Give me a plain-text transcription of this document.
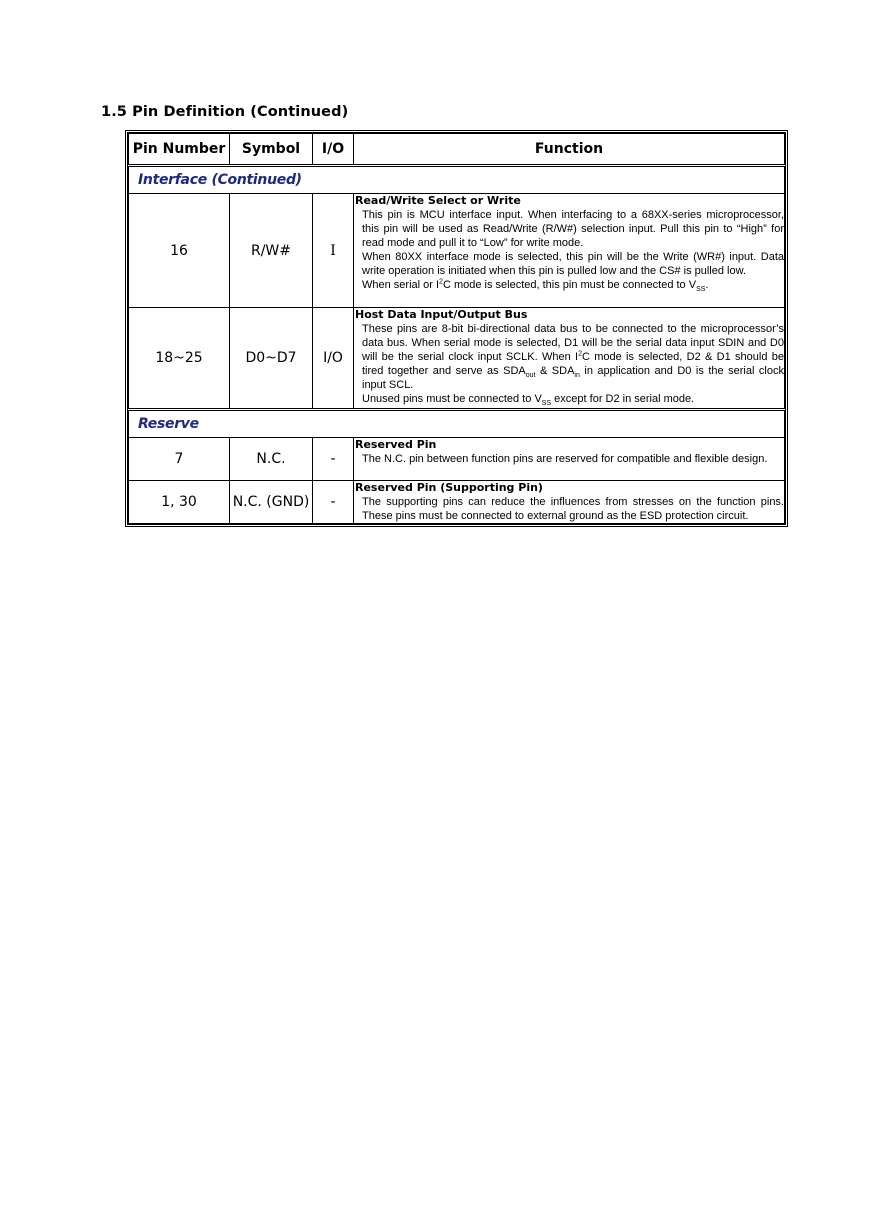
1.5 Pin Definition (Continued)
Pin Number	Symbol	I/O	Function
Interface (Continued)			
16	R/W#	I	Read/Write Select or Write

This pin is MCU interface input. When interfacing to a 68XX-series microprocessor, this pin will be used as Read/Write (R/W#) selection input. Pull this pin to “High” for read mode and pull it to “Low” for write mode.

When 80XX interface mode is selected, this pin will be the Write (WR#) input. Data write operation is initiated when this pin is pulled low and the CS# is pulled low.

When serial or $I^2C$ mode is selected, this pin must be connected to $V_{SS}$.

18~25	D0~D7	I/O	Host Data Input/Output Bus

These pins are 8-bit bi-directional data bus to be connected to the microprocessor’s data bus. When serial mode is selected, D1 will be the serial data input SDIN and D0 will be the serial clock input SCLK. When $I^2C$ mode is selected, D2 & D1 should be tired together and serve as $SDA_{out}$ & $SDA_{in}$ in application and D0 is the serial clock input SCL.

Unused pins must be connected to $V_{SS}$ except for D2 in serial mode.

Reserve			
7	N.C.	-	Reserved Pin

The N.C. pin between function pins are reserved for compatible and flexible design.

1, 30	N.C. (GND)	-	Reserved Pin (Supporting Pin)

The supporting pins can reduce the influences from stresses on the function pins. These pins must be connected to external ground as the ESD protection circuit.
